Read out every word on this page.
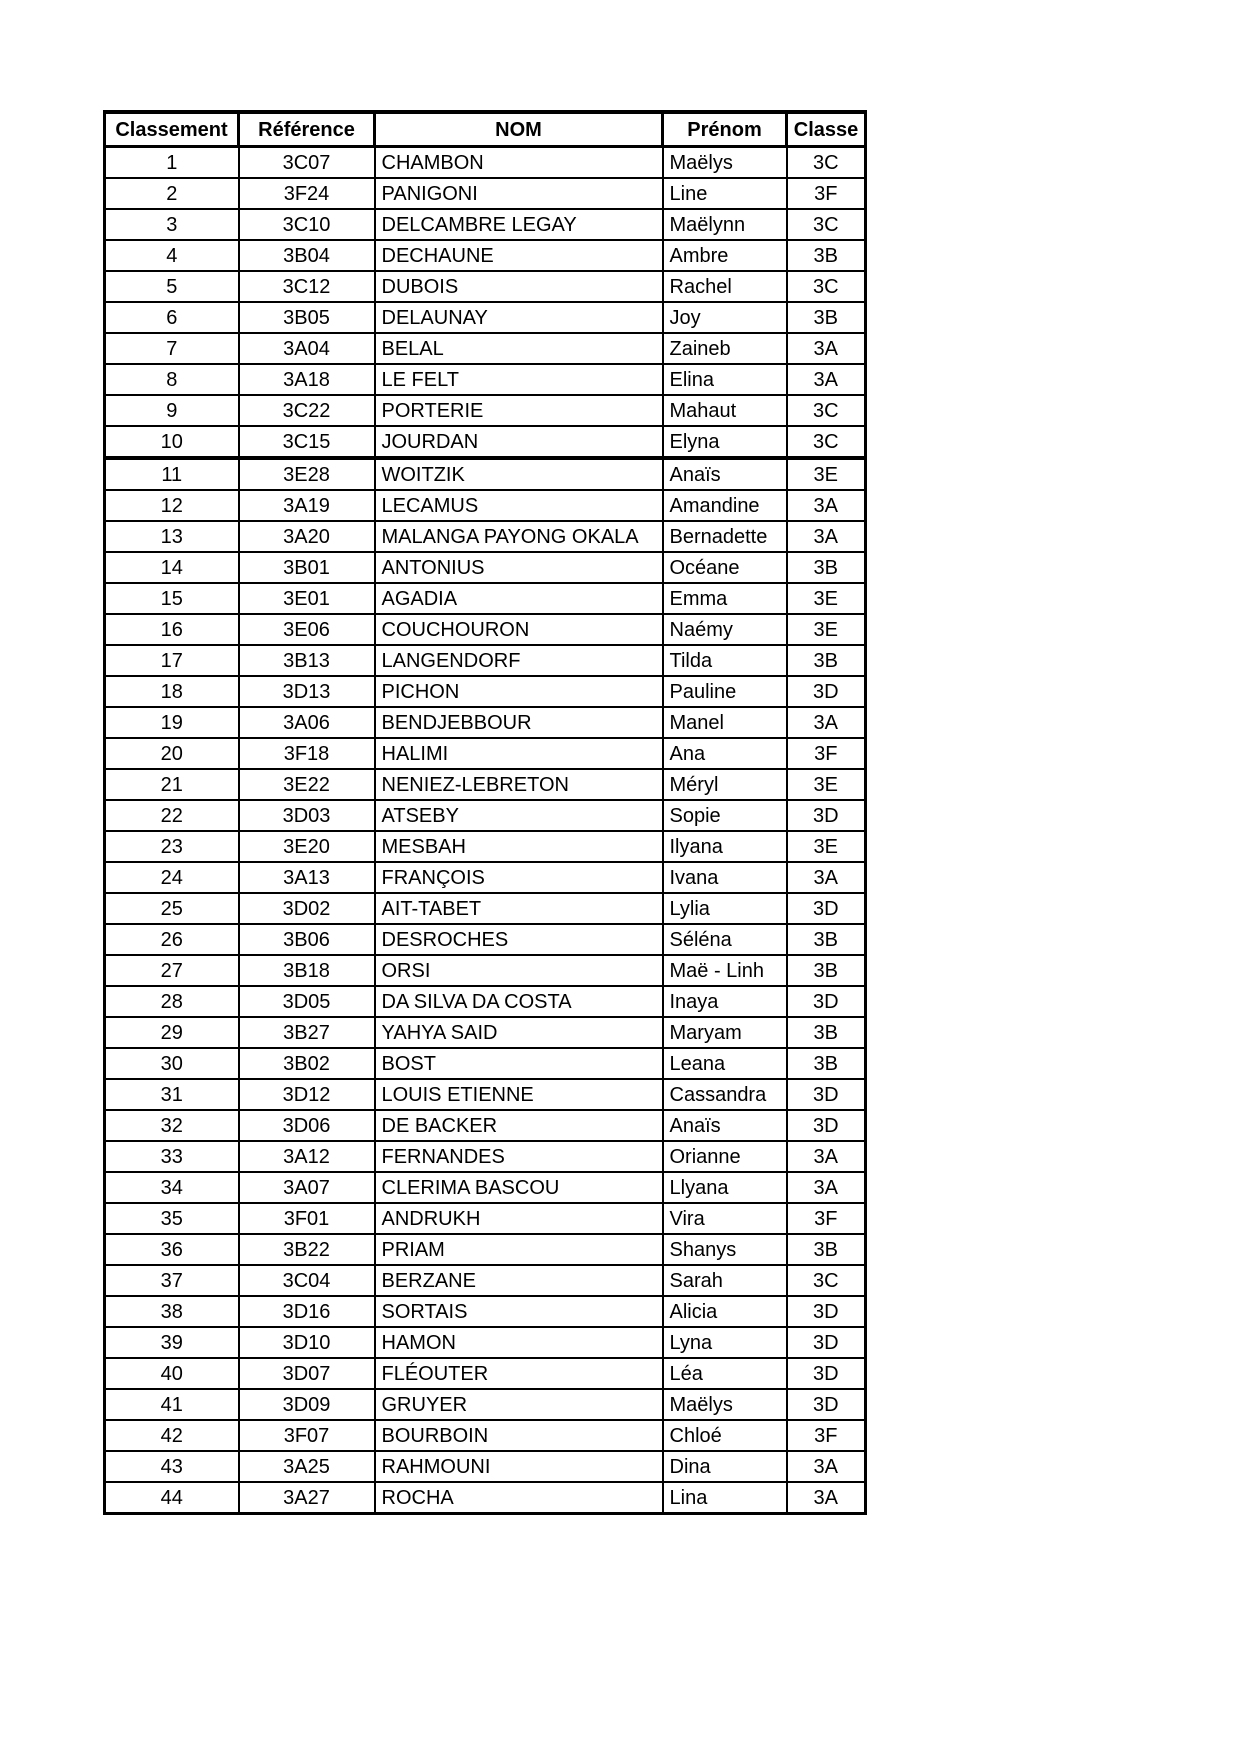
Classement	Référence	NOM	Prénom	Classe
1	3C07	CHAMBON	Maëlys	3C
2	3F24	PANIGONI	Line	3F
3	3C10	DELCAMBRE LEGAY	Maëlynn	3C
4	3B04	DECHAUNE	Ambre	3B
5	3C12	DUBOIS	Rachel	3C
6	3B05	DELAUNAY	Joy	3B
7	3A04	BELAL	Zaineb	3A
8	3A18	LE FELT	Elina	3A
9	3C22	PORTERIE	Mahaut	3C
10	3C15	JOURDAN	Elyna	3C
11	3E28	WOITZIK	Anaïs	3E
12	3A19	LECAMUS	Amandine	3A
13	3A20	MALANGA PAYONG OKALA	Bernadette	3A
14	3B01	ANTONIUS	Océane	3B
15	3E01	AGADIA	Emma	3E
16	3E06	COUCHOURON	Naémy	3E
17	3B13	LANGENDORF	Tilda	3B
18	3D13	PICHON	Pauline	3D
19	3A06	BENDJEBBOUR	Manel	3A
20	3F18	HALIMI	Ana	3F
21	3E22	NENIEZ-LEBRETON	Méryl	3E
22	3D03	ATSEBY	Sopie	3D
23	3E20	MESBAH	Ilyana	3E
24	3A13	FRANÇOIS	Ivana	3A
25	3D02	AIT-TABET	Lylia	3D
26	3B06	DESROCHES	Séléna	3B
27	3B18	ORSI	Maë - Linh	3B
28	3D05	DA SILVA DA COSTA	Inaya	3D
29	3B27	YAHYA SAID	Maryam	3B
30	3B02	BOST	Leana	3B
31	3D12	LOUIS ETIENNE	Cassandra	3D
32	3D06	DE BACKER	Anaïs	3D
33	3A12	FERNANDES	Orianne	3A
34	3A07	CLERIMA BASCOU	Llyana	3A
35	3F01	ANDRUKH	Vira	3F
36	3B22	PRIAM	Shanys	3B
37	3C04	BERZANE	Sarah	3C
38	3D16	SORTAIS	Alicia	3D
39	3D10	HAMON	Lyna	3D
40	3D07	FLÉOUTER	Léa	3D
41	3D09	GRUYER	Maëlys	3D
42	3F07	BOURBOIN	Chloé	3F
43	3A25	RAHMOUNI	Dina	3A
44	3A27	ROCHA	Lina	3A
